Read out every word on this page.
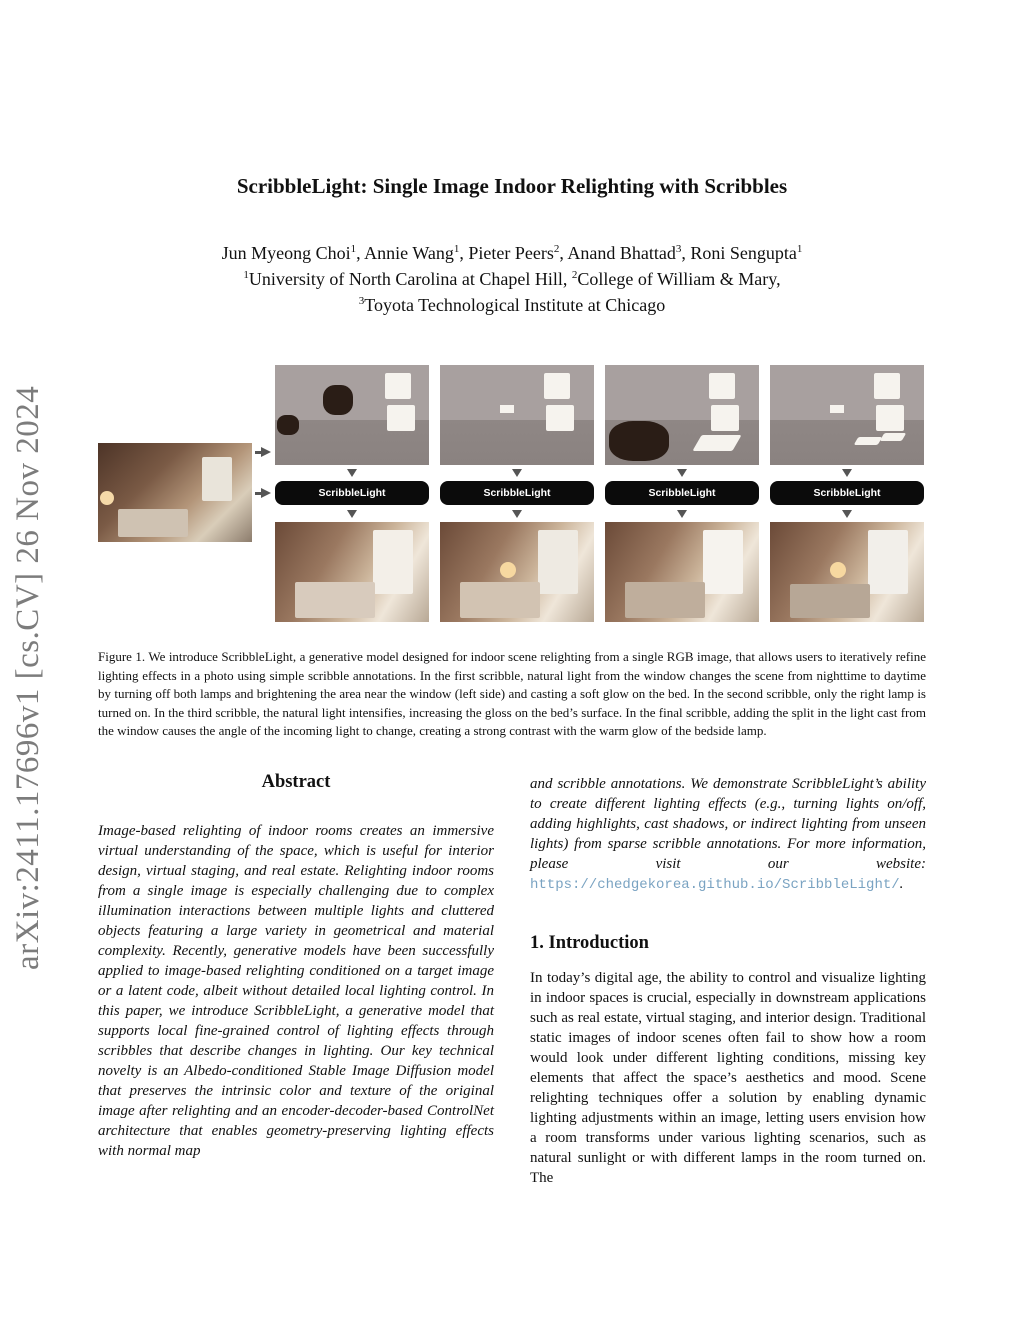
arXiv:2411.17696v1 [cs.CV] 26 Nov 2024
ScribbleLight: Single Image Indoor Relighting with Scribbles
Jun Myeong Choi$^1$, Annie Wang$^1$, Pieter Peers$^2$, Anand Bhattad$^3$, Roni Sengupta$^1$
$^1$University of North Carolina at Chapel Hill, $^2$College of William & Mary,
$^3$Toyota Technological Institute at Chicago
ScribbleLight	ScribbleLight	ScribbleLight	ScribbleLight
Figure 1. We introduce ScribbleLight, a generative model designed for indoor scene relighting from a single RGB image, that allows users to iteratively refine lighting effects in a photo using simple scribble annotations. In the first scribble, natural light from the window changes the scene from nighttime to daytime by turning off both lamps and brightening the area near the window (left side) and casting a soft glow on the bed. In the second scribble, only the right lamp is turned on. In the third scribble, the natural light intensifies, increasing the gloss on the bed’s surface. In the final scribble, adding the split in the light cast from the window causes the angle of the incoming light to change, creating a strong contrast with the warm glow of the bedside lamp.
Abstract

Image-based relighting of indoor rooms creates an immersive virtual understanding of the space, which is useful for interior design, virtual staging, and real estate. Relighting indoor rooms from a single image is especially challenging due to complex illumination interactions between multiple lights and cluttered objects featuring a large variety in geometrical and material complexity. Recently, generative models have been successfully applied to image-based relighting conditioned on a target image or a latent code, albeit without detailed local lighting control. In this paper, we introduce ScribbleLight, a generative model that supports local fine-grained control of lighting effects through scribbles that describe changes in lighting. Our key technical novelty is an Albedo-conditioned Stable Image Diffusion model that preserves the intrinsic color and texture of the original image after relighting and an encoder-decoder-based ControlNet architecture that enables geometry-preserving lighting effects with normal map

and scribble annotations. We demonstrate ScribbleLight’s ability to create different lighting effects (e.g., turning lights on/off, adding highlights, cast shadows, or indirect lighting from unseen lights) from sparse scribble annotations. For more information, please visit our website: https://chedgekorea.github.io/ScribbleLight/.

1. Introduction

In today’s digital age, the ability to control and visualize lighting in indoor spaces is crucial, especially in downstream applications such as real estate, virtual staging, and interior design. Traditional static images of indoor scenes often fail to show how a room would look under different lighting conditions, missing key elements that affect the space’s aesthetics and mood. Scene relighting techniques offer a solution by enabling dynamic lighting adjustments within an image, letting users envision how a room transforms under various lighting scenarios, such as natural sunlight or with different lamps in the room turned on. The
